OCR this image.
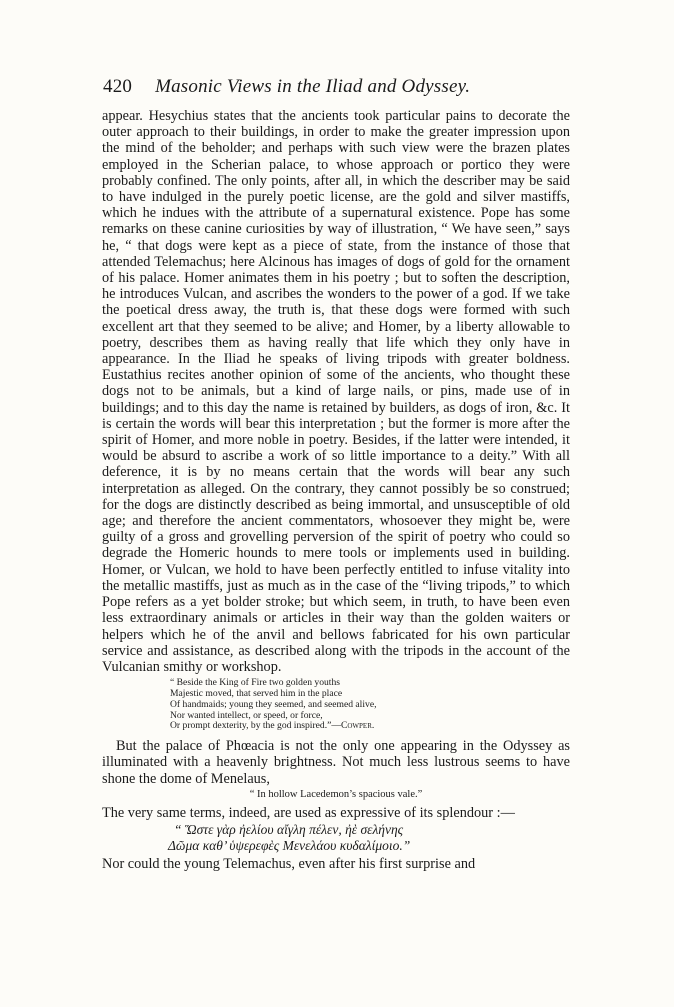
420 Masonic Views in the Iliad and Odyssey.

appear. Hesychius states that the ancients took particular pains to decorate the outer approach to their buildings, in order to make the greater impression upon the mind of the beholder; and perhaps with such view were the brazen plates employed in the Scherian palace, to whose approach or portico they were probably confined. The only points, after all, in which the describer may be said to have indulged in the purely poetic license, are the gold and silver mastiffs, which he indues with the attribute of a supernatural existence. Pope has some remarks on these canine curiosities by way of illustration, “ We have seen,” says he, “ that dogs were kept as a piece of state, from the instance of those that attended Telemachus; here Alcinous has images of dogs of gold for the ornament of his palace. Homer animates them in his poetry ; but to soften the description, he introduces Vulcan, and ascribes the wonders to the power of a god. If we take the poetical dress away, the truth is, that these dogs were formed with such excellent art that they seemed to be alive; and Homer, by a liberty allowable to poetry, describes them as having really that life which they only have in appearance. In the Iliad he speaks of living tripods with greater boldness. Eustathius recites another opinion of some of the ancients, who thought these dogs not to be animals, but a kind of large nails, or pins, made use of in buildings; and to this day the name is retained by builders, as dogs of iron, &c. It is certain the words will bear this interpretation ; but the former is more after the spirit of Homer, and more noble in poetry. Besides, if the latter were intended, it would be absurd to ascribe a work of so little importance to a deity.” With all deference, it is by no means certain that the words will bear any such interpretation as alleged. On the contrary, they cannot possibly be so construed; for the dogs are distinctly described as being immortal, and unsusceptible of old age; and therefore the ancient commentators, whosoever they might be, were guilty of a gross and grovelling perversion of the spirit of poetry who could so degrade the Homeric hounds to mere tools or implements used in building. Homer, or Vulcan, we hold to have been perfectly entitled to infuse vitality into the metallic mastiffs, just as much as in the case of the “living tripods,” to which Pope refers as a yet bolder stroke; but which seem, in truth, to have been even less extraordinary animals or articles in their way than the golden waiters or helpers which he of the anvil and bellows fabricated for his own particular service and assistance, as described along with the tripods in the account of the Vulcanian smithy or workshop.

“ Beside the King of Fire two golden youths
Majestic moved, that served him in the place
Of handmaids; young they seemed, and seemed alive,
Nor wanted intellect, or speed, or force,
Or prompt dexterity, by the god inspired.”—Cowper.

But the palace of Phœacia is not the only one appearing in the Odyssey as illuminated with a heavenly brightness. Not much less lustrous seems to have shone the dome of Menelaus,

“ In hollow Lacedemon’s spacious vale.”

The very same terms, indeed, are used as expressive of its splendour :—

“ Ὥστε γὰρ ἠελίου αἴγλη πέλεν, ἠὲ σελήνης
Δῶμα καθ’ ὑψερεφὲς Μενελάου κυδαλίμοιο.”

Nor could the young Telemachus, even after his first surprise and
